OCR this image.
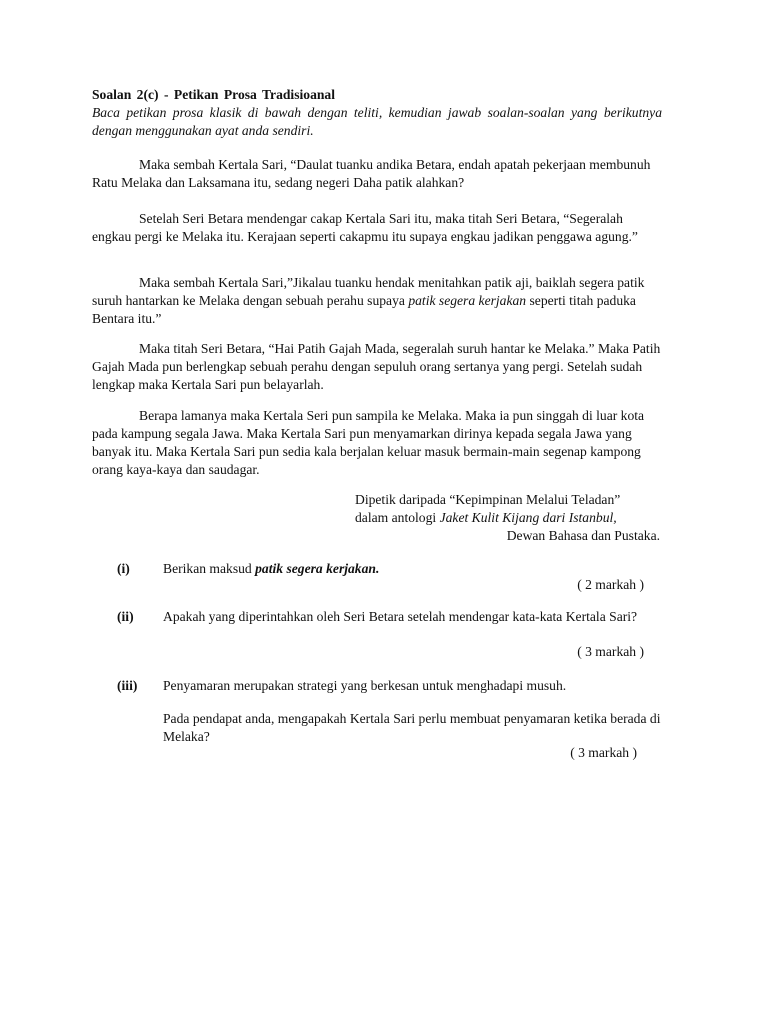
Soalan 2(c) - Petikan Prosa Tradisioanal

Baca petikan prosa klasik di bawah dengan teliti, kemudian jawab soalan-soalan yang berikutnya dengan menggunakan ayat anda sendiri.

Maka sembah Kertala Sari, “Daulat tuanku andika Betara, endah apatah pekerjaan membunuh Ratu Melaka dan Laksamana itu, sedang negeri Daha patik alahkan?

Setelah Seri Betara mendengar cakap Kertala Sari itu, maka titah Seri Betara, “Segeralah engkau pergi ke Melaka itu. Kerajaan seperti cakapmu itu supaya engkau jadikan penggawa agung.”

Maka sembah Kertala Sari,”Jikalau tuanku hendak menitahkan patik aji, baiklah segera patik suruh hantarkan ke Melaka dengan sebuah perahu supaya patik segera kerjakan seperti titah paduka Bentara itu.”

Maka titah Seri Betara, “Hai Patih Gajah Mada, segeralah suruh hantar ke Melaka.” Maka Patih Gajah Mada pun berlengkap sebuah perahu dengan sepuluh orang sertanya yang pergi. Setelah sudah lengkap maka Kertala Sari pun belayarlah.

Berapa lamanya maka Kertala Seri pun sampila ke Melaka. Maka ia pun singgah di luar kota pada kampung segala Jawa. Maka Kertala Sari pun menyamarkan dirinya kepada segala Jawa yang banyak itu. Maka Kertala Sari pun sedia kala berjalan keluar masuk bermain-main segenap kampong orang kaya-kaya dan saudagar.

Dipetik daripada “Kepimpinan Melalui Teladan”
dalam antologi Jaket Kulit Kijang dari Istanbul,
Dewan Bahasa dan Pustaka.
(i) Berikan maksud patik segera kerjakan.
( 2 markah )
(ii) Apakah yang diperintahkan oleh Seri Betara setelah mendengar kata-kata Kertala Sari?
( 3 markah )
(iii) Penyamaran merupakan strategi yang berkesan untuk menghadapi musuh.
Pada pendapat anda, mengapakah Kertala Sari perlu membuat penyamaran ketika berada di Melaka?
( 3 markah )
